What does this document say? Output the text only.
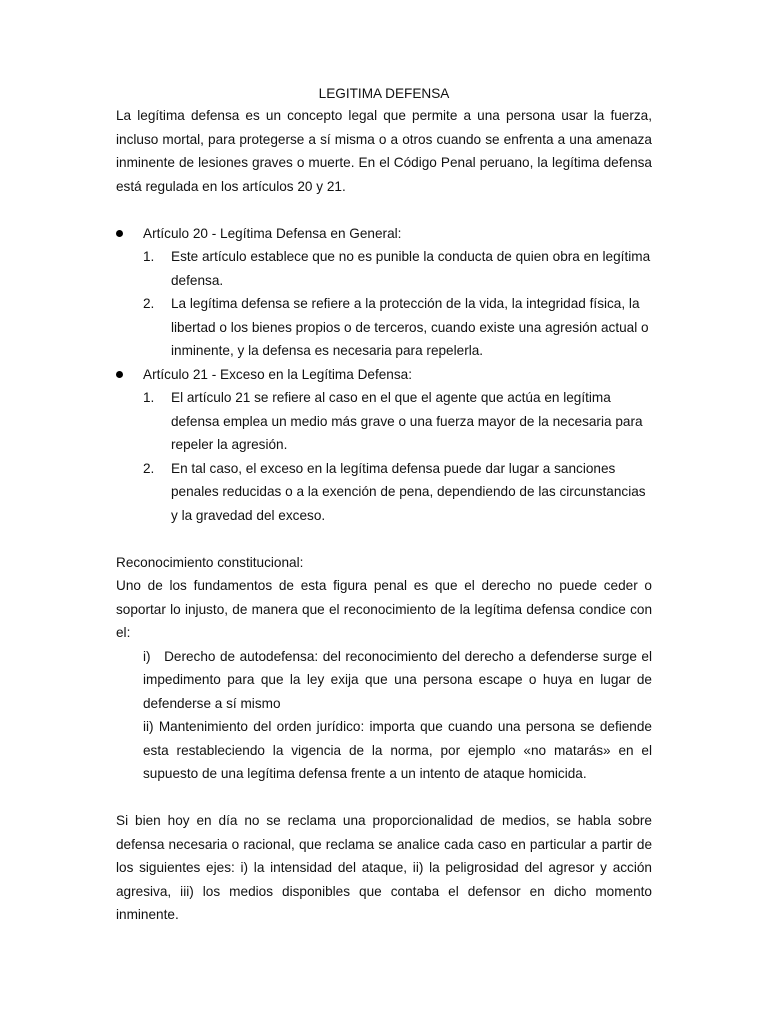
LEGITIMA DEFENSA

La legítima defensa es un concepto legal que permite a una persona usar la fuerza, incluso mortal, para protegerse a sí misma o a otros cuando se enfrenta a una amenaza inminente de lesiones graves o muerte. En el Código Penal peruano, la legítima defensa está regulada en los artículos 20 y 21.

Artículo 20 - Legítima Defensa en General:
1. Este artículo establece que no es punible la conducta de quien obra en legítima defensa.
2. La legítima defensa se refiere a la protección de la vida, la integridad física, la libertad o los bienes propios o de terceros, cuando existe una agresión actual o inminente, y la defensa es necesaria para repelerla.
Artículo 21 - Exceso en la Legítima Defensa:
1. El artículo 21 se refiere al caso en el que el agente que actúa en legítima defensa emplea un medio más grave o una fuerza mayor de la necesaria para repeler la agresión.
2. En tal caso, el exceso en la legítima defensa puede dar lugar a sanciones penales reducidas o a la exención de pena, dependiendo de las circunstancias y la gravedad del exceso.

Reconocimiento constitucional:

Uno de los fundamentos de esta figura penal es que el derecho no puede ceder o soportar lo injusto, de manera que el reconocimiento de la legítima defensa condice con el:

i)   Derecho de autodefensa: del reconocimiento del derecho a defenderse surge el impedimento para que la ley exija que una persona escape o huya en lugar de defenderse a sí mismo

ii) Mantenimiento del orden jurídico: importa que cuando una persona se defiende esta restableciendo la vigencia de la norma, por ejemplo «no matarás» en el supuesto de una legítima defensa frente a un intento de ataque homicida.

Si bien hoy en día no se reclama una proporcionalidad de medios, se habla sobre defensa necesaria o racional, que reclama se analice cada caso en particular a partir de los siguientes ejes: i) la intensidad del ataque, ii) la peligrosidad del agresor y acción agresiva, iii) los medios disponibles que contaba el defensor en dicho momento inminente.
